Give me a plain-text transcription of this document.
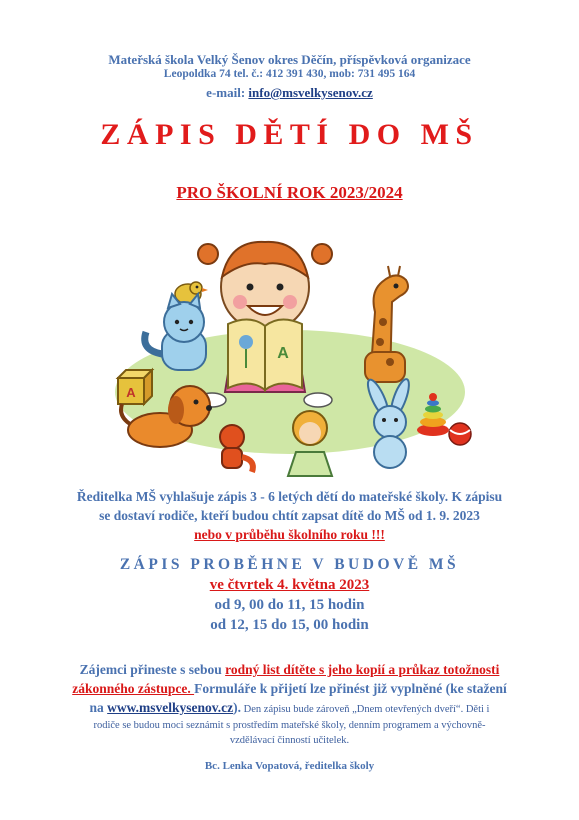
Mateřská škola Velký Šenov okres Děčín, příspěvková organizace
Leopoldka 74 tel. č.: 412 391 430, mob: 731 495 164
e-mail: info@msvelkysenov.cz
ZÁPIS DĚTÍ DO MŠ
PRO ŠKOLNÍ ROK 2023/2024
A
A
Ředitelka MŠ vyhlašuje zápis 3 - 6 letých dětí do mateřské školy. K zápisu
se dostaví rodiče, kteří budou chtít zapsat dítě do MŠ od 1. 9. 2023
nebo v průběhu školního roku !!!
ZÁPIS PROBĚHNE V BUDOVĚ MŠ
ve čtvrtek 4. května 2023
od 9, 00 do 11, 15 hodin
od 12, 15 do 15, 00 hodin
Zájemci přineste s sebou rodný list dítěte s jeho kopií a průkaz totožnosti
zákonného zástupce. Formuláře k přijetí lze přinést již vyplněné (ke stažení
na www.msvelkysenov.cz). Den zápisu bude zároveň „Dnem otevřených dveří“. Děti i
rodiče se budou moci seznámit s prostředím mateřské školy, denním programem a výchovně-
vzdělávací činností učitelek.
Bc. Lenka Vopatová, ředitelka školy
